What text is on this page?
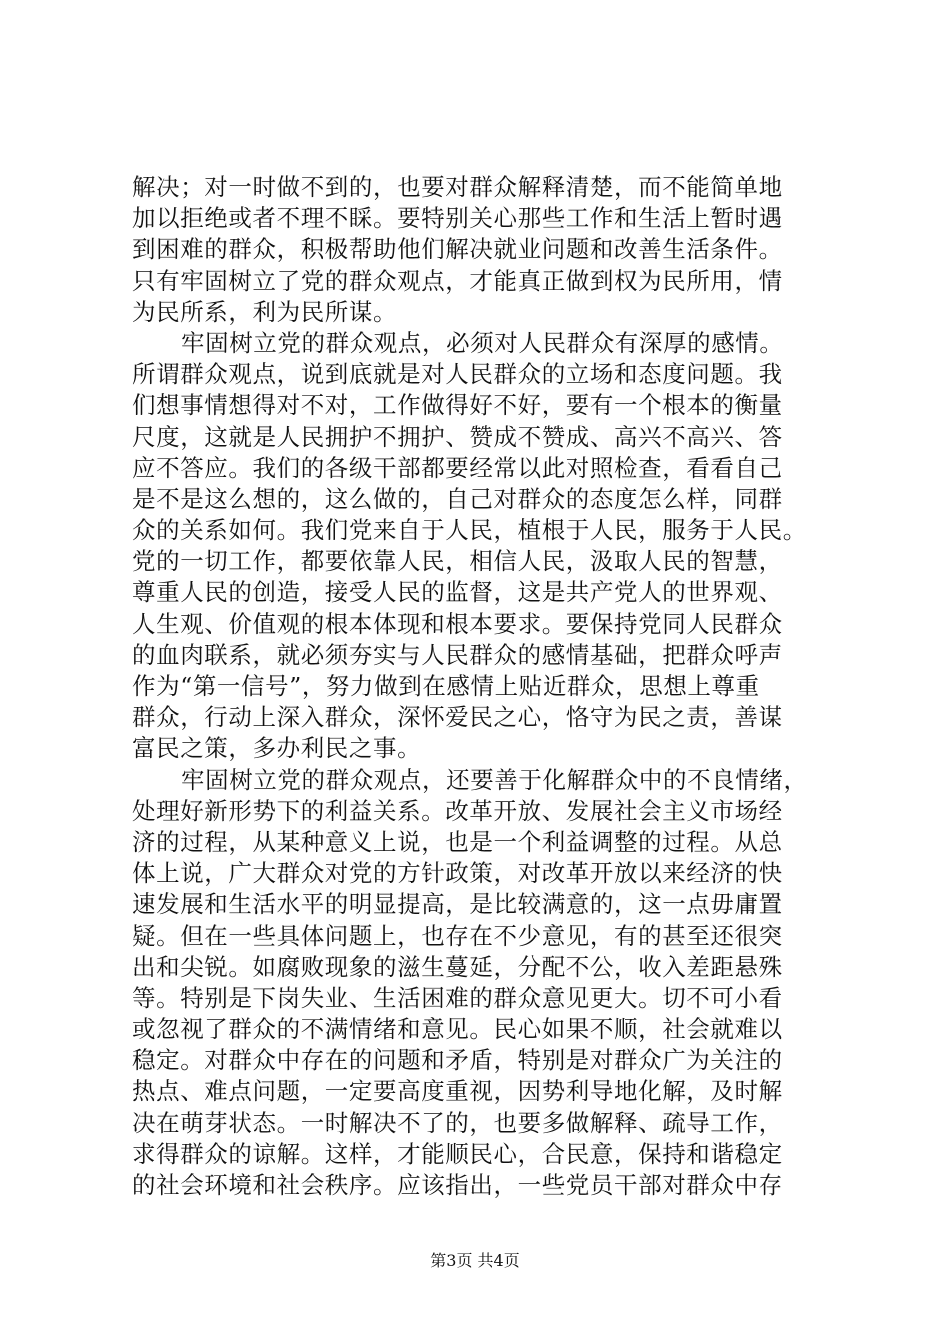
解决；对一时做不到的，也要对群众解释清楚，而不能简单地
加以拒绝或者不理不睬。要特别关心那些工作和生活上暂时遇
到困难的群众，积极帮助他们解决就业问题和改善生活条件。
只有牢固树立了党的群众观点，才能真正做到权为民所用，情
为民所系，利为民所谋。
牢固树立党的群众观点，必须对人民群众有深厚的感情。
所谓群众观点，说到底就是对人民群众的立场和态度问题。我
们想事情想得对不对，工作做得好不好，要有一个根本的衡量
尺度，这就是人民拥护不拥护、赞成不赞成、高兴不高兴、答
应不答应。我们的各级干部都要经常以此对照检查，看看自己
是不是这么想的，这么做的，自己对群众的态度怎么样，同群
众的关系如何。我们党来自于人民，植根于人民，服务于人民。
党的一切工作，都要依靠人民，相信人民，汲取人民的智慧，
尊重人民的创造，接受人民的监督，这是共产党人的世界观、
人生观、价值观的根本体现和根本要求。要保持党同人民群众
的血肉联系，就必须夯实与人民群众的感情基础，把群众呼声
作为“第一信号”，努力做到在感情上贴近群众，思想上尊重
群众，行动上深入群众，深怀爱民之心，恪守为民之责，善谋
富民之策，多办利民之事。
牢固树立党的群众观点，还要善于化解群众中的不良情绪，
处理好新形势下的利益关系。改革开放、发展社会主义市场经
济的过程，从某种意义上说，也是一个利益调整的过程。从总
体上说，广大群众对党的方针政策，对改革开放以来经济的快
速发展和生活水平的明显提高，是比较满意的，这一点毋庸置
疑。但在一些具体问题上，也存在不少意见，有的甚至还很突
出和尖锐。如腐败现象的滋生蔓延，分配不公，收入差距悬殊
等。特别是下岗失业、生活困难的群众意见更大。切不可小看
或忽视了群众的不满情绪和意见。民心如果不顺，社会就难以
稳定。对群众中存在的问题和矛盾，特别是对群众广为关注的
热点、难点问题，一定要高度重视，因势利导地化解，及时解
决在萌芽状态。一时解决不了的，也要多做解释、疏导工作，
求得群众的谅解。这样，才能顺民心，合民意，保持和谐稳定
的社会环境和社会秩序。应该指出，一些党员干部对群众中存
第3页 共4页
